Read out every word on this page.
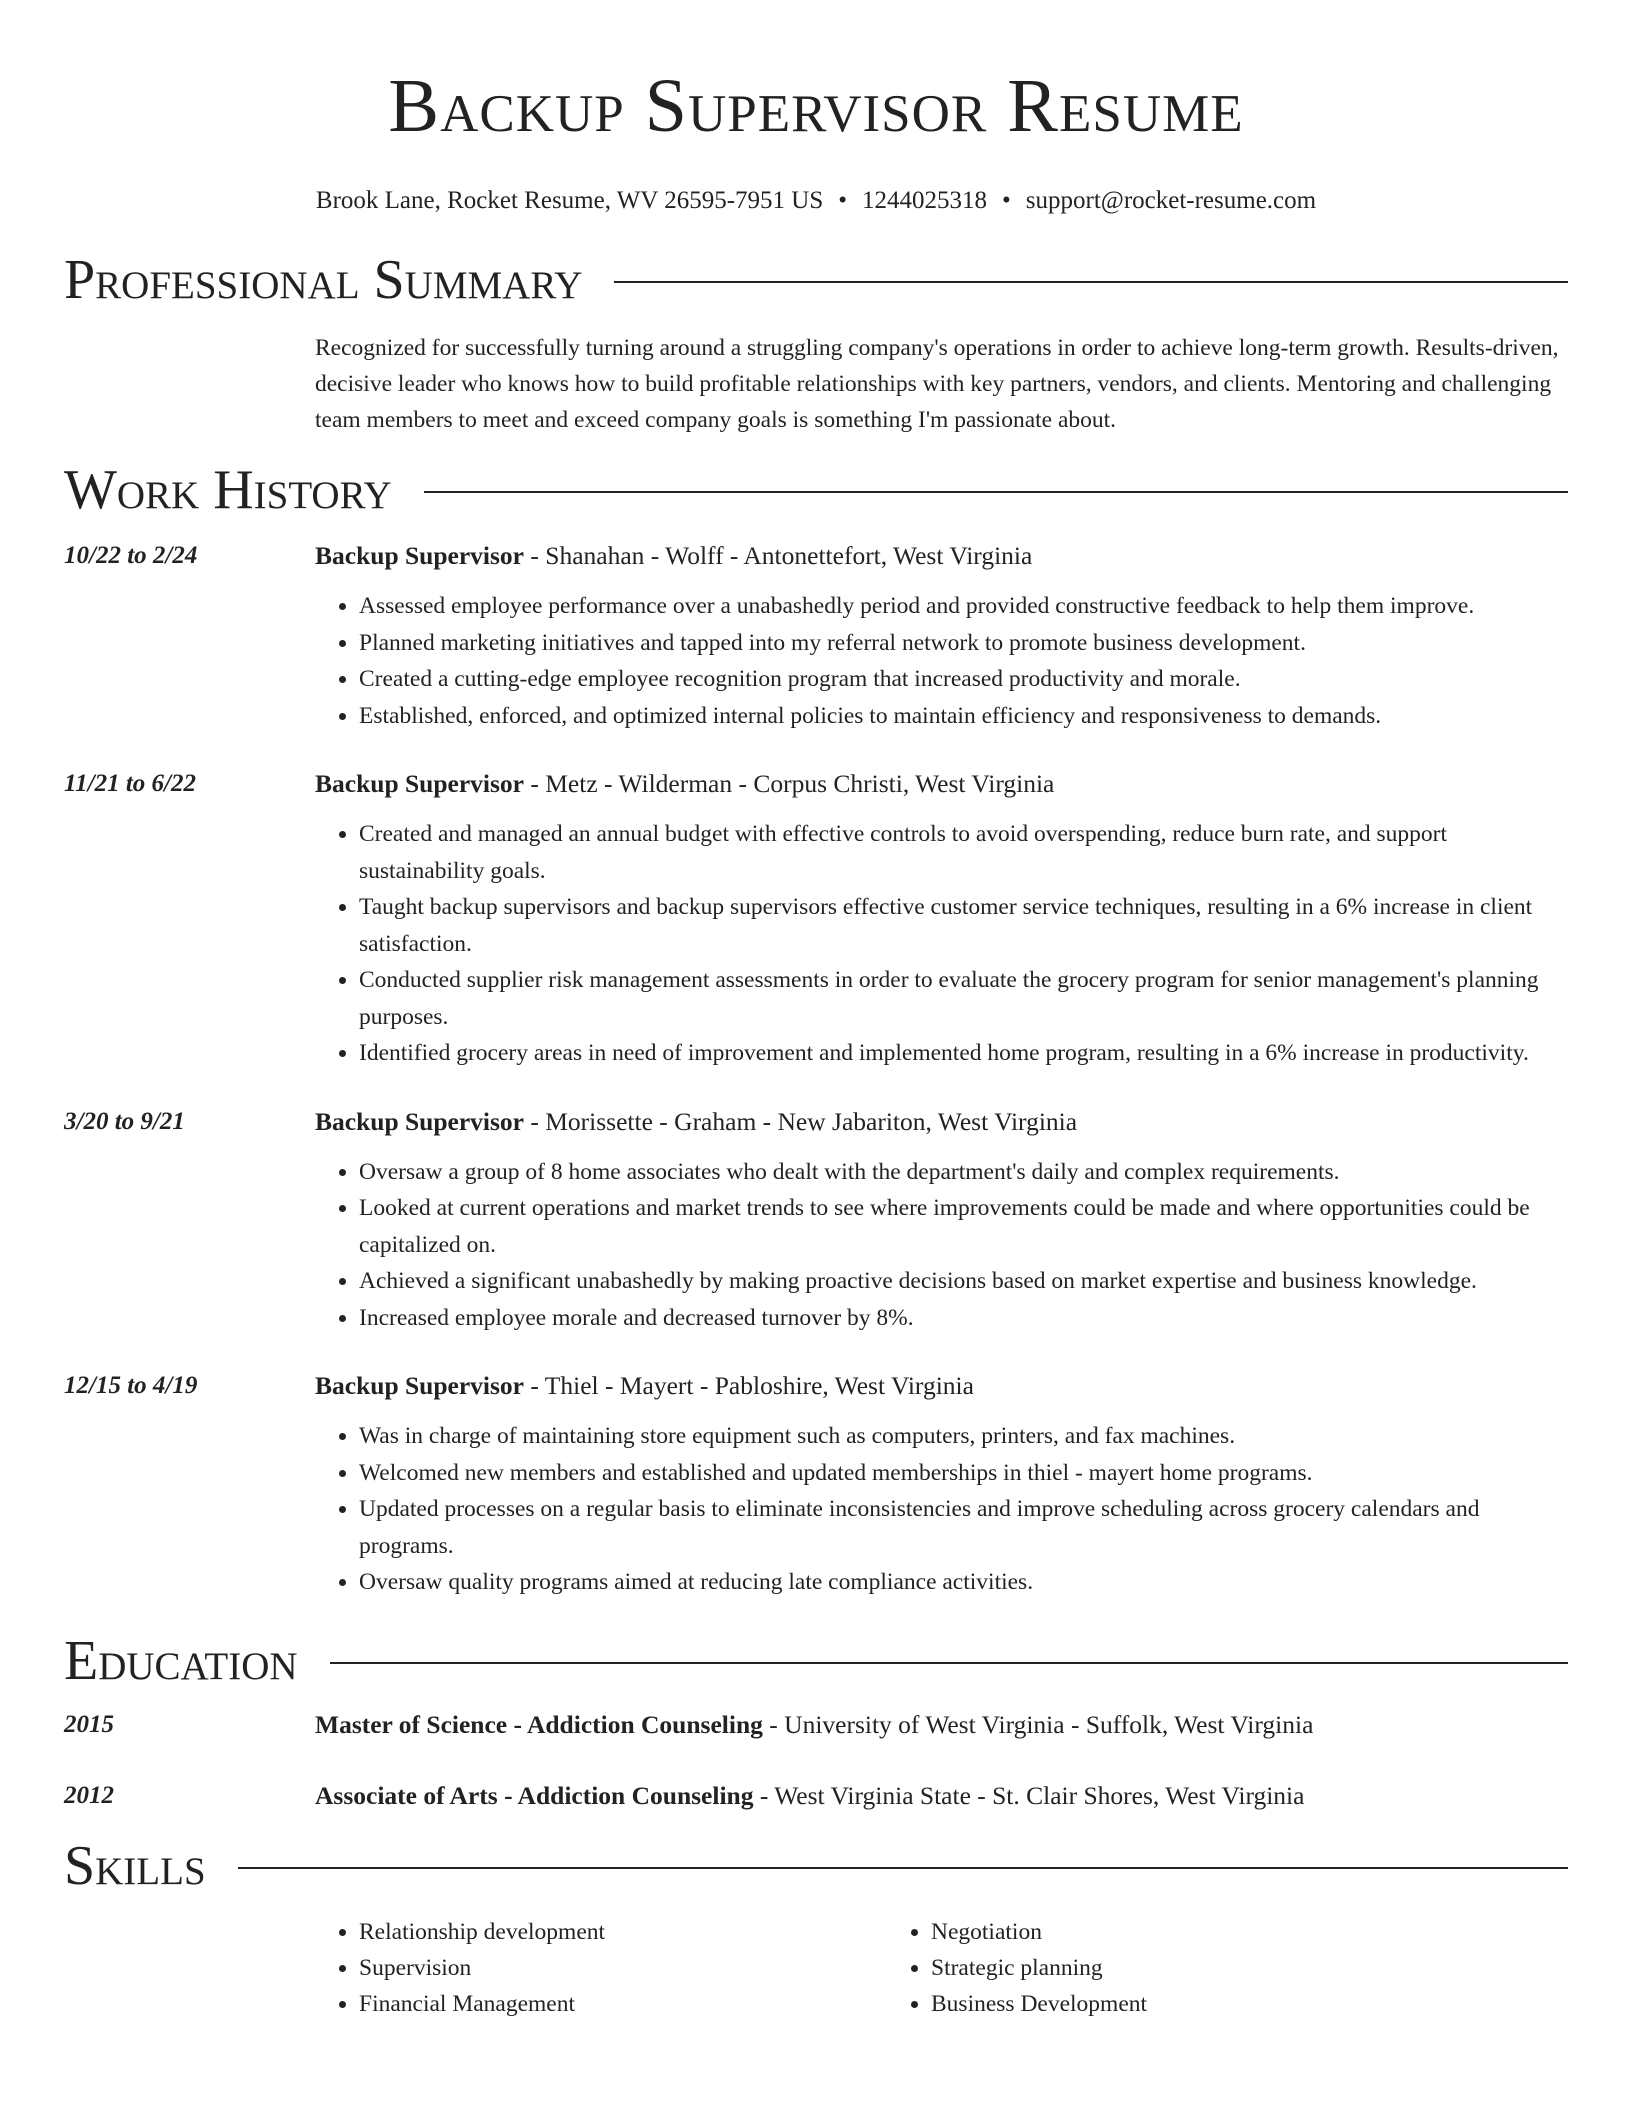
Backup Supervisor Resume
Brook Lane, Rocket Resume, WV 26595-7951 US • 1244025318 • support@rocket-resume.com
Professional Summary
Recognized for successfully turning around a struggling company's operations in order to achieve long-term growth. Results-driven, decisive leader who knows how to build profitable relationships with key partners, vendors, and clients. Mentoring and challenging team members to meet and exceed company goals is something I'm passionate about.
Work History
10/22 to 2/24	Backup Supervisor - Shanahan - Wolff - Antonettefort, West Virginia
• Assessed employee performance over a unabashedly period and provided constructive feedback to help them improve.
• Planned marketing initiatives and tapped into my referral network to promote business development.
• Created a cutting-edge employee recognition program that increased productivity and morale.
• Established, enforced, and optimized internal policies to maintain efficiency and responsiveness to demands.
11/21 to 6/22	Backup Supervisor - Metz - Wilderman - Corpus Christi, West Virginia
• Created and managed an annual budget with effective controls to avoid overspending, reduce burn rate, and support sustainability goals.
• Taught backup supervisors and backup supervisors effective customer service techniques, resulting in a 6% increase in client satisfaction.
• Conducted supplier risk management assessments in order to evaluate the grocery program for senior management's planning purposes.
• Identified grocery areas in need of improvement and implemented home program, resulting in a 6% increase in productivity.
3/20 to 9/21	Backup Supervisor - Morissette - Graham - New Jabariton, West Virginia
• Oversaw a group of 8 home associates who dealt with the department's daily and complex requirements.
• Looked at current operations and market trends to see where improvements could be made and where opportunities could be capitalized on.
• Achieved a significant unabashedly by making proactive decisions based on market expertise and business knowledge.
• Increased employee morale and decreased turnover by 8%.
12/15 to 4/19	Backup Supervisor - Thiel - Mayert - Pabloshire, West Virginia
• Was in charge of maintaining store equipment such as computers, printers, and fax machines.
• Welcomed new members and established and updated memberships in thiel - mayert home programs.
• Updated processes on a regular basis to eliminate inconsistencies and improve scheduling across grocery calendars and programs.
• Oversaw quality programs aimed at reducing late compliance activities.
Education
2015	Master of Science - Addiction Counseling - University of West Virginia - Suffolk, West Virginia
2012	Associate of Arts - Addiction Counseling - West Virginia State - St. Clair Shores, West Virginia
Skills
• Relationship development
• Supervision
• Financial Management
• Negotiation
• Strategic planning
• Business Development
